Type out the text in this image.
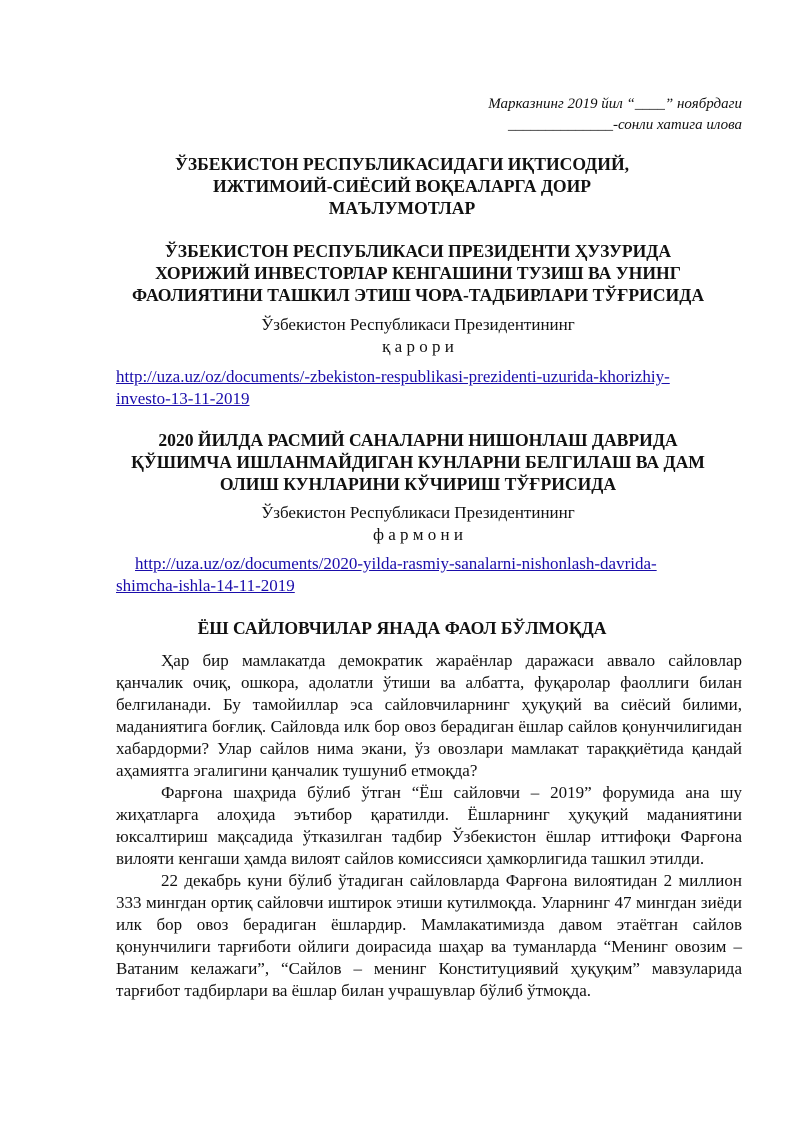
Марказнинг 2019 йил “____” ноябрдаги
______________-сонли хатига илова
ЎЗБЕКИСТОН РЕСПУБЛИКАСИДАГИ ИҚТИСОДИЙ,
ИЖТИМОИЙ-СИЁСИЙ ВОҚЕАЛАРГА ДОИР
МАЪЛУМОТЛАР
ЎЗБЕКИСТОН РЕСПУБЛИКАСИ ПРЕЗИДЕНТИ ҲУЗУРИДА
ХОРИЖИЙ ИНВЕСТОРЛАР КЕНГАШИНИ ТУЗИШ ВА УНИНГ
ФАОЛИЯТИНИ ТАШКИЛ ЭТИШ ЧОРА-ТАДБИРЛАРИ ТЎҒРИСИДА
Ўзбекистон Республикаси Президентининг
қ а р о р и
http://uza.uz/oz/documents/-zbekiston-respublikasi-prezidenti-uzurida-khorizhiy-
investo-13-11-2019
2020 ЙИЛДА РАСМИЙ САНАЛАРНИ НИШОНЛАШ ДАВРИДА
ҚЎШИМЧА ИШЛАНМАЙДИГАН КУНЛАРНИ БЕЛГИЛАШ ВА ДАМ
ОЛИШ КУНЛАРИНИ КЎЧИРИШ ТЎҒРИСИДА
Ўзбекистон Республикаси Президентининг
ф а р м о н и
http://uza.uz/oz/documents/2020-yilda-rasmiy-sanalarni-nishonlash-davrida-
shimcha-ishla-14-11-2019
ЁШ САЙЛОВЧИЛАР ЯНАДА ФАОЛ БЎЛМОҚДА

Ҳар бир мамлакатда демократик жараёнлар даражаси аввало сайловлар қанчалик очиқ, ошкора, адолатли ўтиши ва албатта, фуқаролар фаоллиги билан белгиланади. Бу тамойиллар эса сайловчиларнинг ҳуқуқий ва сиёсий билими, маданиятига боғлиқ. Сайловда илк бор овоз берадиган ёшлар сайлов қонунчилигидан хабардорми? Улар сайлов нима экани, ўз овозлари мамлакат тараққиётида қандай аҳамиятга эгалигини қанчалик тушуниб етмоқда?

Фарғона шаҳрида бўлиб ўтган “Ёш сайловчи – 2019” форумида ана шу жиҳатларга алоҳида эътибор қаратилди. Ёшларнинг ҳуқуқий маданиятини юксалтириш мақсадида ўтказилган тадбир Ўзбекистон ёшлар иттифоқи Фарғона вилояти кенгаши ҳамда вилоят сайлов комиссияси ҳамкорлигида ташкил этилди.

22 декабрь куни бўлиб ўтадиган сайловларда Фарғона вилоятидан 2 миллион 333 мингдан ортиқ сайловчи иштирок этиши кутилмоқда. Уларнинг 47 мингдан зиёди илк бор овоз берадиган ёшлардир. Мамлакатимизда давом этаётган сайлов қонунчилиги тарғиботи ойлиги доирасида шаҳар ва туманларда “Менинг овозим – Ватаним келажаги”, “Сайлов – менинг Конституциявий ҳуқуқим” мавзуларида тарғибот тадбирлари ва ёшлар билан учрашувлар бўлиб ўтмоқда.
